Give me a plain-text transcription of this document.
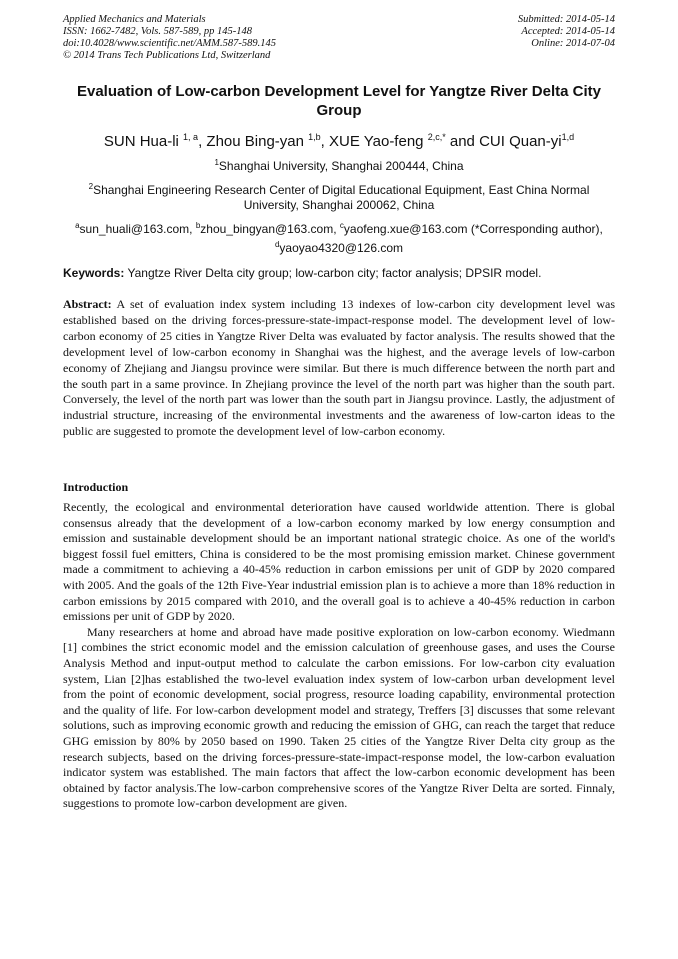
Applied Mechanics and Materials
ISSN: 1662-7482, Vols. 587-589, pp 145-148
doi:10.4028/www.scientific.net/AMM.587-589.145
© 2014 Trans Tech Publications Ltd, Switzerland
Submitted: 2014-05-14
Accepted: 2014-05-14
Online: 2014-07-04
Evaluation of Low-carbon Development Level for Yangtze River Delta City Group
SUN Hua-li $^{1, a}$, Zhou Bing-yan $^{1,b}$, XUE Yao-feng $^{2,c,*}$ and CUI Quan-yi$^{1,d}$

$^1$Shanghai University, Shanghai 200444, China

$^2$Shanghai Engineering Research Center of Digital Educational Equipment, East China Normal University, Shanghai 200062, China

$^a$sun_huali@163.com, $^b$zhou_bingyan@163.com, $^c$yaofeng.xue@163.com (*Corresponding author),
$^d$yaoyao4320@126.com

Keywords: Yangtze River Delta city group; low-carbon city; factor analysis; DPSIR model.
Abstract: A set of evaluation index system including 13 indexes of low-carbon city development level was established based on the driving forces-pressure-state-impact-response model. The development level of low-carbon economy of 25 cities in Yangtze River Delta was evaluated by factor analysis. The results showed that the development level of low-carbon economy in Shanghai was the highest, and the average levels of low-carbon economy of Zhejiang and Jiangsu province were similar. But there is much difference between the north part and the south part in a same province. In Zhejiang province the level of the north part was higher than the south part. Conversely, the level of the north part was lower than the south part in Jiangsu province. Lastly, the adjustment of industrial structure, increasing of the environmental investments and the awareness of low-carton ideas to the public are suggested to promote the development level of low-carbon economy.
Introduction

Recently, the ecological and environmental deterioration have caused worldwide attention. There is global consensus already that the development of a low-carbon economy marked by low energy consumption and emission and sustainable development should be an important national strategic choice. As one of the world's biggest fossil fuel emitters, China is considered to be the most promising emission market. Chinese government made a commitment to achieving a 40-45% reduction in carbon emissions per unit of GDP by 2020 compared with 2005. And the goals of the 12th Five-Year industrial emission plan is to achieve a more than 18% reduction in carbon emissions by 2015 compared with 2010, and the overall goal is to achieve a 40-45% reduction in carbon emissions per unit of GDP by 2020.

Many researchers at home and abroad have made positive exploration on low-carbon economy. Wiedmann [1] combines the strict economic model and the emission calculation of greenhouse gases, and uses the Course Analysis Method and input-output method to calculate the carbon emissions. For low-carbon city evaluation system, Lian [2]has established the two-level evaluation index system of low-carbon urban development level from the point of economic development, social progress, resource loading capability, environmental protection and the quality of life. For low-carbon development model and strategy, Treffers [3] discusses that some relevant solutions, such as improving economic growth and reducing the emission of GHG, can reach the target that reduce GHG emission by 80% by 2050 based on 1990. Taken 25 cities of the Yangtze River Delta city group as the research subjects, based on the driving forces-pressure-state-impact-response model, the low-carbon evaluation indicator system was established. The main factors that affect the low-carbon economic development has been obtained by factor analysis.The low-carbon comprehensive scores of the Yangtze River Delta are sorted. Finnaly, suggestions to promote low-carbon development are given.
